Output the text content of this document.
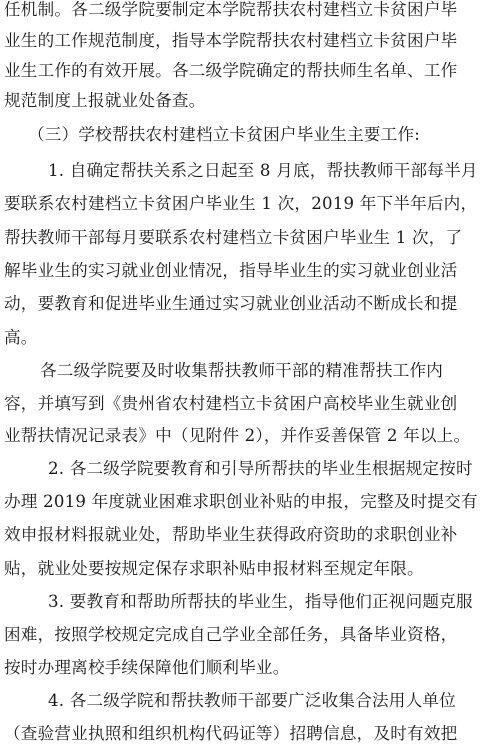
任机制。各二级学院要制定本学院帮扶农村建档立卡贫困户毕
业生的工作规范制度，指导本学院帮扶农村建档立卡贫困户毕
业生工作的有效开展。各二级学院确定的帮扶师生名单、工作
规范制度上报就业处备查。
（三）学校帮扶农村建档立卡贫困户毕业生主要工作:
1. 自确定帮扶关系之日起至 8 月底，帮扶教师干部每半月
要联系农村建档立卡贫困户毕业生 1 次，2019 年下半年后内，
帮扶教师干部每月要联系农村建档立卡贫困户毕业生 1 次，了
解毕业生的实习就业创业情况，指导毕业生的实习就业创业活
动，要教育和促进毕业生通过实习就业创业活动不断成长和提
高。
各二级学院要及时收集帮扶教师干部的精准帮扶工作内
容，并填写到《贵州省农村建档立卡贫困户高校毕业生就业创
业帮扶情况记录表》中（见附件 2），并作妥善保管 2 年以上。
2. 各二级学院要教育和引导所帮扶的毕业生根据规定按时
办理 2019 年度就业困难求职创业补贴的申报，完整及时提交有
效申报材料报就业处，帮助毕业生获得政府资助的求职创业补
贴，就业处要按规定保存求职补贴申报材料至规定年限。
3. 要教育和帮助所帮扶的毕业生，指导他们正视问题克服
困难，按照学校规定完成自己学业全部任务，具备毕业资格，
按时办理离校手续保障他们顺利毕业。
4. 各二级学院和帮扶教师干部要广泛收集合法用人单位
（查验营业执照和组织机构代码证等）招聘信息，及时有效把
